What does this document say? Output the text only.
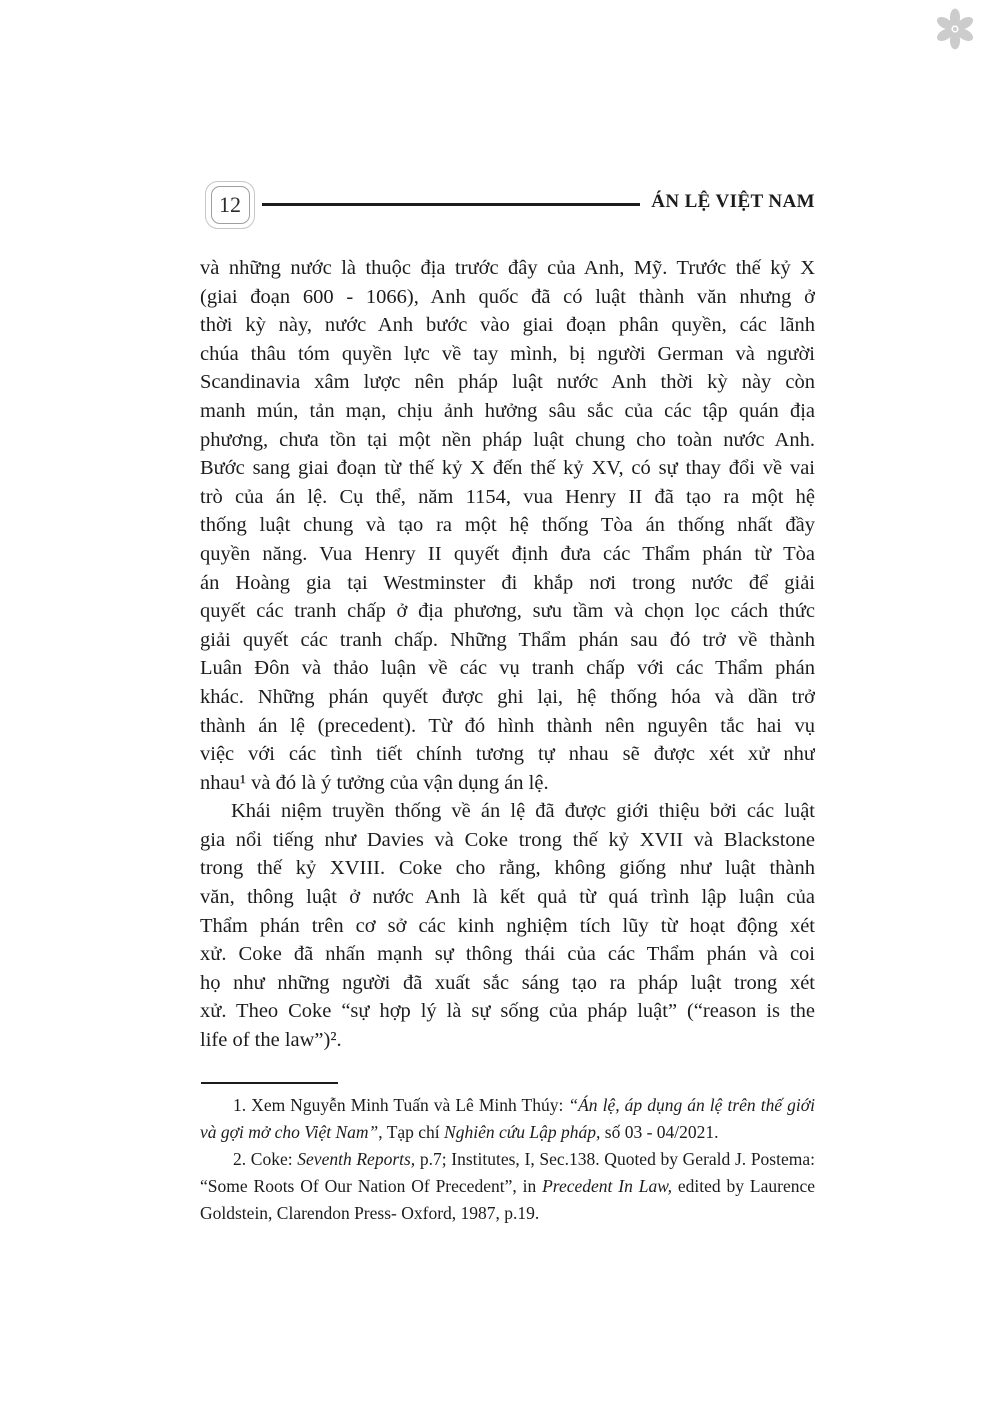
12	ÁN LỆ VIỆT NAM
và những nước là thuộc địa trước đây của Anh, Mỹ. Trước thế kỷ X
(giai đoạn 600 - 1066), Anh quốc đã có luật thành văn nhưng ở
thời kỳ này, nước Anh bước vào giai đoạn phân quyền, các lãnh
chúa thâu tóm quyền lực về tay mình, bị người German và người
Scandinavia xâm lược nên pháp luật nước Anh thời kỳ này còn
manh mún, tản mạn, chịu ảnh hưởng sâu sắc của các tập quán địa
phương, chưa tồn tại một nền pháp luật chung cho toàn nước Anh.
Bước sang giai đoạn từ thế kỷ X đến thế kỷ XV, có sự thay đổi về vai
trò của án lệ. Cụ thể, năm 1154, vua Henry II đã tạo ra một hệ
thống luật chung và tạo ra một hệ thống Tòa án thống nhất đầy
quyền năng. Vua Henry II quyết định đưa các Thẩm phán từ Tòa
án Hoàng gia tại Westminster đi khắp nơi trong nước để giải
quyết các tranh chấp ở địa phương, sưu tầm và chọn lọc cách thức
giải quyết các tranh chấp. Những Thẩm phán sau đó trở về thành
Luân Đôn và thảo luận về các vụ tranh chấp với các Thẩm phán
khác. Những phán quyết được ghi lại, hệ thống hóa và dần trở
thành án lệ (precedent). Từ đó hình thành nên nguyên tắc hai vụ
việc với các tình tiết chính tương tự nhau sẽ được xét xử như
nhau¹ và đó là ý tưởng của vận dụng án lệ.
Khái niệm truyền thống về án lệ đã được giới thiệu bởi các luật
gia nổi tiếng như Davies và Coke trong thế kỷ XVII và Blackstone
trong thế kỷ XVIII. Coke cho rằng, không giống như luật thành
văn, thông luật ở nước Anh là kết quả từ quá trình lập luận của
Thẩm phán trên cơ sở các kinh nghiệm tích lũy từ hoạt động xét
xử. Coke đã nhấn mạnh sự thông thái của các Thẩm phán và coi
họ như những người đã xuất sắc sáng tạo ra pháp luật trong xét
xử. Theo Coke “sự hợp lý là sự sống của pháp luật” (“reason is the
life of the law”)².

1. Xem Nguyễn Minh Tuấn và Lê Minh Thúy: “Án lệ, áp dụng án lệ trên thế giới và gợi mở cho Việt Nam”, Tạp chí Nghiên cứu Lập pháp, số 03 - 04/2021.

2. Coke: Seventh Reports, p.7; Institutes, I, Sec.138. Quoted by Gerald J. Postema: “Some Roots Of Our Nation Of Precedent”, in Precedent In Law, edited by Laurence Goldstein, Clarendon Press- Oxford, 1987, p.19.
